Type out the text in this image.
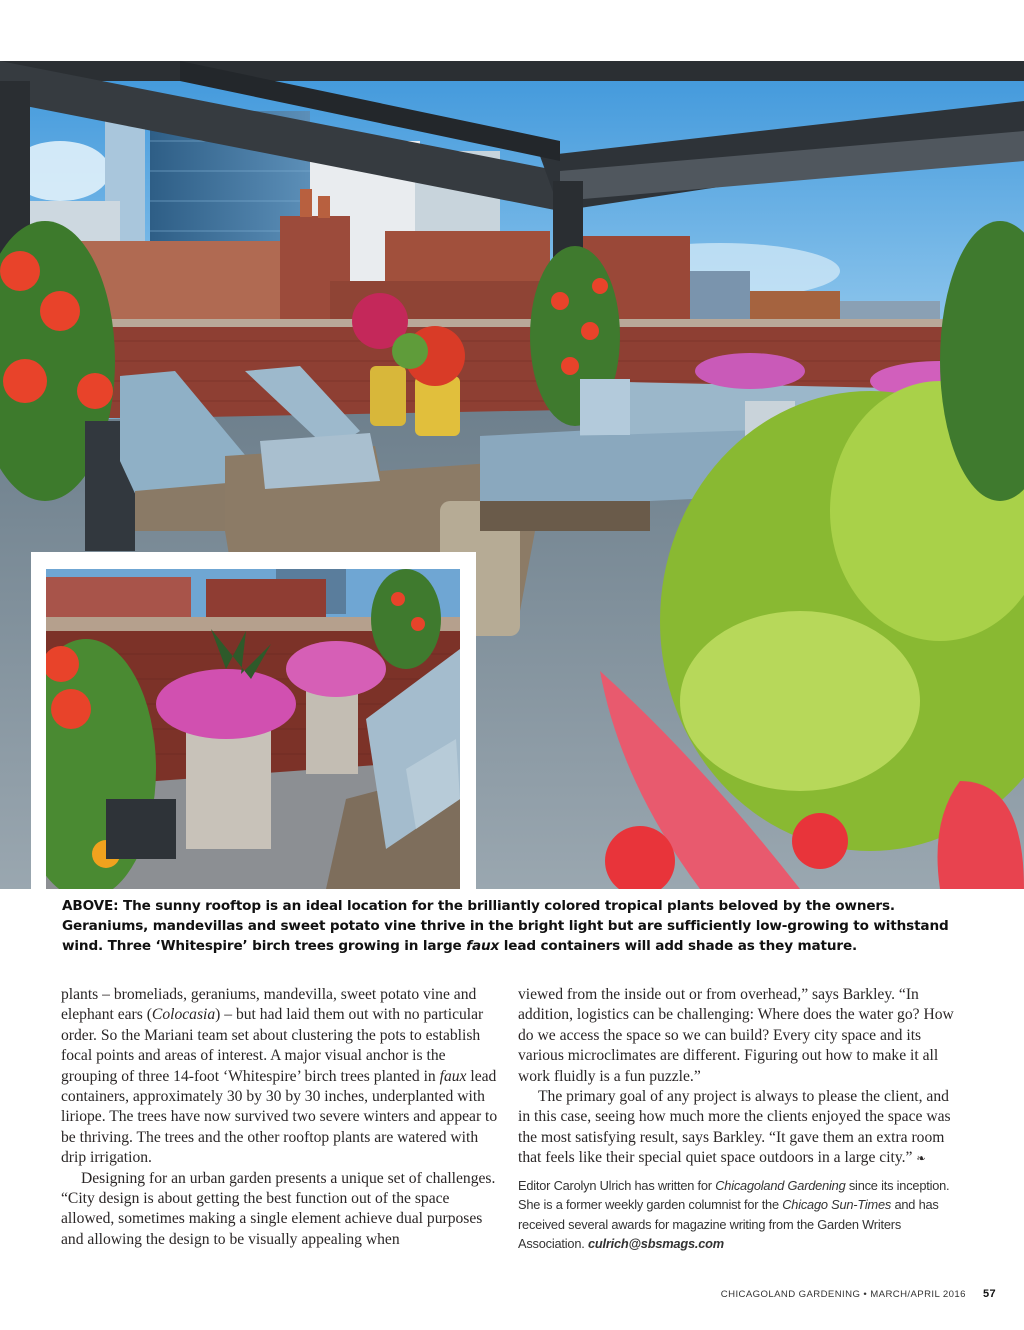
ABOVE: The sunny rooftop is an ideal location for the brilliantly colored tropical plants beloved by the owners. Geraniums, mandevillas and sweet potato vine thrive in the bright light but are sufficiently low-growing to withstand wind. Three ‘Whitespire’ birch trees growing in large faux lead containers will add shade as they mature.

plants – bromeliads, geraniums, mandevilla, sweet potato vine and elephant ears (Colocasia) – but had laid them out with no particular order. So the Mariani team set about clustering the pots to establish focal points and areas of interest. A major visual anchor is the grouping of three 14-foot ‘Whitespire’ birch trees planted in faux lead containers, approximately 30 by 30 by 30 inches, underplanted with liriope. The trees have now survived two severe winters and appear to be thriving. The trees and the other rooftop plants are watered with drip irrigation.

Designing for an urban garden presents a unique set of challenges. “City design is about getting the best function out of the space allowed, sometimes making a single element achieve dual purposes and allowing the design to be visually appealing when

viewed from the inside out or from overhead,” says Barkley. “In addition, logistics can be challenging: Where does the water go? How do we access the space so we can build? Every city space and its various microclimates are different. Figuring out how to make it all work fluidly is a fun puzzle.”

The primary goal of any project is always to please the client, and in this case, seeing how much more the clients enjoyed the space was the most satisfying result, says Barkley. “It gave them an extra room that feels like their special quiet space outdoors in a large city.” ❧

Editor Carolyn Ulrich has written for Chicagoland Gardening since its inception. She is a former weekly garden columnist for the Chicago Sun-Times and has received several awards for magazine writing from the Garden Writers Association. culrich@sbsmags.com

CHICAGOLAND GARDENING • MARCH/APRIL 2016 57
